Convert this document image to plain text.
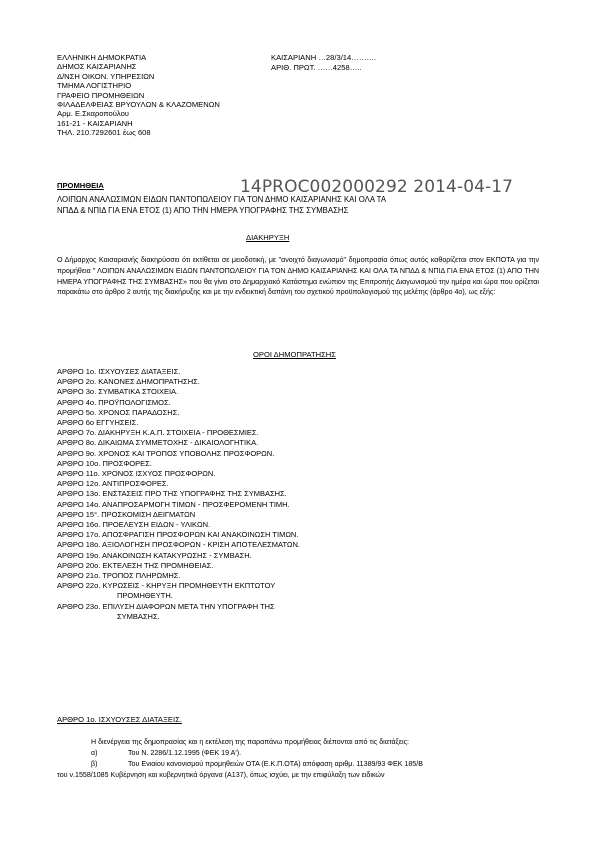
ΕΛΛΗΝΙΚΗ ΔΗΜΟΚΡΑΤΙΑ
ΔΗΜΟΣ ΚΑΙΣΑΡΙΑΝΗΣ
Δ/ΝΣΗ ΟΙΚΟΝ. ΥΠΗΡΕΣΙΩΝ
ΤΜΗΜΑ ΛΟΓΙΣΤΗΡΙΟ
ΓΡΑΦΕΙΟ ΠΡΟΜΗΘΕΙΩΝ
ΦΙΛΑΔΕΛΦΕΙΑΣ ΒΡΥΟΥΛΩΝ & ΚΛΑΖΟΜΕΝΩΝ
Αρμ. Ε.Σκαροπούλου
161-21 - ΚΑΙΣΑΡΙΑΝΗ
ΤΗΛ. 210.7292601 έως 608
ΚΑΙΣΑΡΙΑΝΗ …28/3/14……….
ΑΡΙΘ. ΠΡΩΤ. ……4258…..
ΠΡΟΜΗΘΕΙΑ	14PROC002000292 2014-04-17
ΛΟΙΠΩΝ ΑΝΑΛΩΣΙΜΩΝ ΕΙΔΩΝ ΠΑΝΤΟΠΩΛΕΙΟΥ ΓΙΑ ΤΟΝ ΔΗΜΟ ΚΑΙΣΑΡΙΑΝΗΣ ΚΑΙ ΟΛΑ ΤΑ
ΝΠΔΔ & ΝΠΙΔ ΓΙΑ ΕΝΑ ΕΤΟΣ (1) ΑΠΟ ΤΗΝ ΗΜΕΡΑ ΥΠΟΓΡΑΦΗΣ ΤΗΣ ΣΥΜΒΑΣΗΣ
ΔΙΑΚΗΡΥΞΗ
Ο Δήμαρχος Καισαριανής διακηρύσσει ότι εκτίθεται σε μειοδοτική, με "ανοιχτό διαγωνισμό" δημοπρασία όπως αυτός καθορίζεται στον ΕΚΠΟΤΑ για την προμήθεια " ΛΟΙΠΩΝ ΑΝΑΛΩΣΙΜΩΝ ΕΙΔΩΝ ΠΑΝΤΟΠΩΛΕΙΟΥ ΓΙΑ ΤΟΝ ΔΗΜΟ ΚΑΙΣΑΡΙΑΝΗΣ ΚΑΙ ΟΛΑ ΤΑ ΝΠΔΔ & ΝΠΙΔ ΓΙΑ ΕΝΑ ΕΤΟΣ (1) ΑΠΟ ΤΗΝ ΗΜΕΡΑ ΥΠΟΓΡΑΦΗΣ ΤΗΣ ΣΥΜΒΑΣΗΣ» που θα γίνει στο Δημαρχιακό Κατάστημα ενώπιον της Επιτροπής Διαγωνισμού την ημέρα και ώρα που ορίζεται παρακάτω στο άρθρο 2 αυτής της διακήρυξης και με την ενδεικτική δαπάνη του σχετικού προϋπολογισμού της μελέτης (άρθρο 4ο), ως εξής:
ΟΡΟΙ ΔΗΜΟΠΡΑΤΗΣΗΣ
ΑΡΘΡΟ 1ο. ΙΣΧΥΟΥΣΕΣ ΔΙΑΤΑΞΕΙΣ.
ΑΡΘΡΟ 2ο. ΚΑΝΟΝΕΣ ΔΗΜΟΠΡΑΤΗΣΗΣ.
ΑΡΘΡΟ 3ο. ΣΥΜΒΑΤΙΚΑ ΣΤΟΙΧΕΙΑ.
ΑΡΘΡΟ 4ο. ΠΡΟΫΠΟΛΟΓΙΣΜΟΣ.
ΑΡΘΡΟ 5ο. ΧΡΟΝΟΣ ΠΑΡΑΔΟΣΗΣ.
ΑΡΘΡΟ 6ο ΕΓΓΥΗΣΕΙΣ.
ΑΡΘΡΟ 7ο. ΔΙΑΚΗΡΥΞΗ Κ.Α.Π. ΣΤΟΙΧΕΙΑ - ΠΡΟΘΕΣΜΙΕΣ.
ΑΡΘΡΟ 8ο. ΔΙΚΑΙΩΜΑ ΣΥΜΜΕΤΟΧΗΣ - ΔΙΚΑΙΟΛΟΓΗΤΙΚΑ.
ΑΡΘΡΟ 9ο. ΧΡΟΝΟΣ ΚΑΙ ΤΡΟΠΟΣ ΥΠΟΒΟΛΗΣ ΠΡΟΣΦΟΡΩΝ.
ΑΡΘΡΟ 10ο. ΠΡΟΣΦΟΡΕΣ.
ΑΡΘΡΟ 11ο. ΧΡΟΝΟΣ ΙΣΧΥΟΣ ΠΡΟΣΦΟΡΩΝ.
ΑΡΘΡΟ 12ο. ΑΝΤΙΠΡΟΣΦΟΡΕΣ.
ΑΡΘΡΟ 13ο. ΕΝΣΤΑΣΕΙΣ ΠΡΟ ΤΗΣ ΥΠΟΓΡΑΦΗΣ ΤΗΣ ΣΥΜΒΑΣΗΣ.
ΑΡΘΡΟ 14ο. ΑΝΑΠΡΟΣΑΡΜΟΓΗ ΤΙΜΩΝ - ΠΡΟΣΦΕΡΟΜΕΝΗ ΤΙΜΗ.
ΑΡΘΡΟ 15°. ΠΡΟΣΚΟΜΙΣΗ ΔΕΙΓΜΑΤΩΝ
ΑΡΘΡΟ 16ο. ΠΡΟΕΛΕΥΣΗ ΕΙΔΩΝ - ΥΛΙΚΩΝ.
ΑΡΘΡΟ 17ο. ΑΠΟΣΦΡΑΓΙΣΗ ΠΡΟΣΦΟΡΩΝ ΚΑΙ ΑΝΑΚΟΙΝΩΣΗ ΤΙΜΩΝ.
ΑΡΘΡΟ 18ο. ΑΞΙΟΛΟΓΗΣΗ ΠΡΟΣΦΟΡΩΝ - ΚΡΙΣΗ ΑΠΟΤΕΛΕΣΜΑΤΩΝ.
ΑΡΘΡΟ 19ο. ΑΝΑΚΟΙΝΩΣΗ ΚΑΤΑΚΥΡΩΣΗΣ - ΣΥΜΒΑΣΗ.
ΑΡΘΡΟ 20ο. ΕΚΤΕΛΕΣΗ ΤΗΣ ΠΡΟΜΗΘΕΙΑΣ.
ΑΡΘΡΟ 21ο. ΤΡΟΠΟΣ ΠΛΗΡΩΜΗΣ.
ΑΡΘΡΟ 22ο. ΚΥΡΩΣΕΙΣ - ΚΗΡΥΞΗ ΠΡΟΜΗΘΕΥΤΗ ΕΚΠΤΩΤΟΥ
ΠΡΟΜΗΘΕΥΤΗ.
ΑΡΘΡΟ 23ο. ΕΠΙΛΥΣΗ ΔΙΑΦΟΡΩΝ ΜΕΤΑ ΤΗΝ ΥΠΟΓΡΑΦΗ ΤΗΣ
ΣΥΜΒΑΣΗΣ.
ΑΡΘΡΟ 1ο. ΙΣΧΥΟΥΣΕΣ ΔΙΑΤΑΞΕΙΣ.
Η διενέργεια της δημοπρασίας και η εκτέλεση της παραπάνω προμήθειας διέπονται από τις διατάξεις:
α)	Του Ν. 2286/1.12.1995 (ΦΕΚ 19 Α').
β)	Του Ενιαίου κανονισμού προμηθειών ΟΤΑ (Ε.Κ.Π.ΟΤΑ) απόφαση αριθμ. 11389/93 ΦΕΚ 185/Β
του ν.1558/1085 Κυβέρνηση και κυβερνητικά όργανα (Α137), όπως ισχύει, με την επιφύλαξη των ειδικών
